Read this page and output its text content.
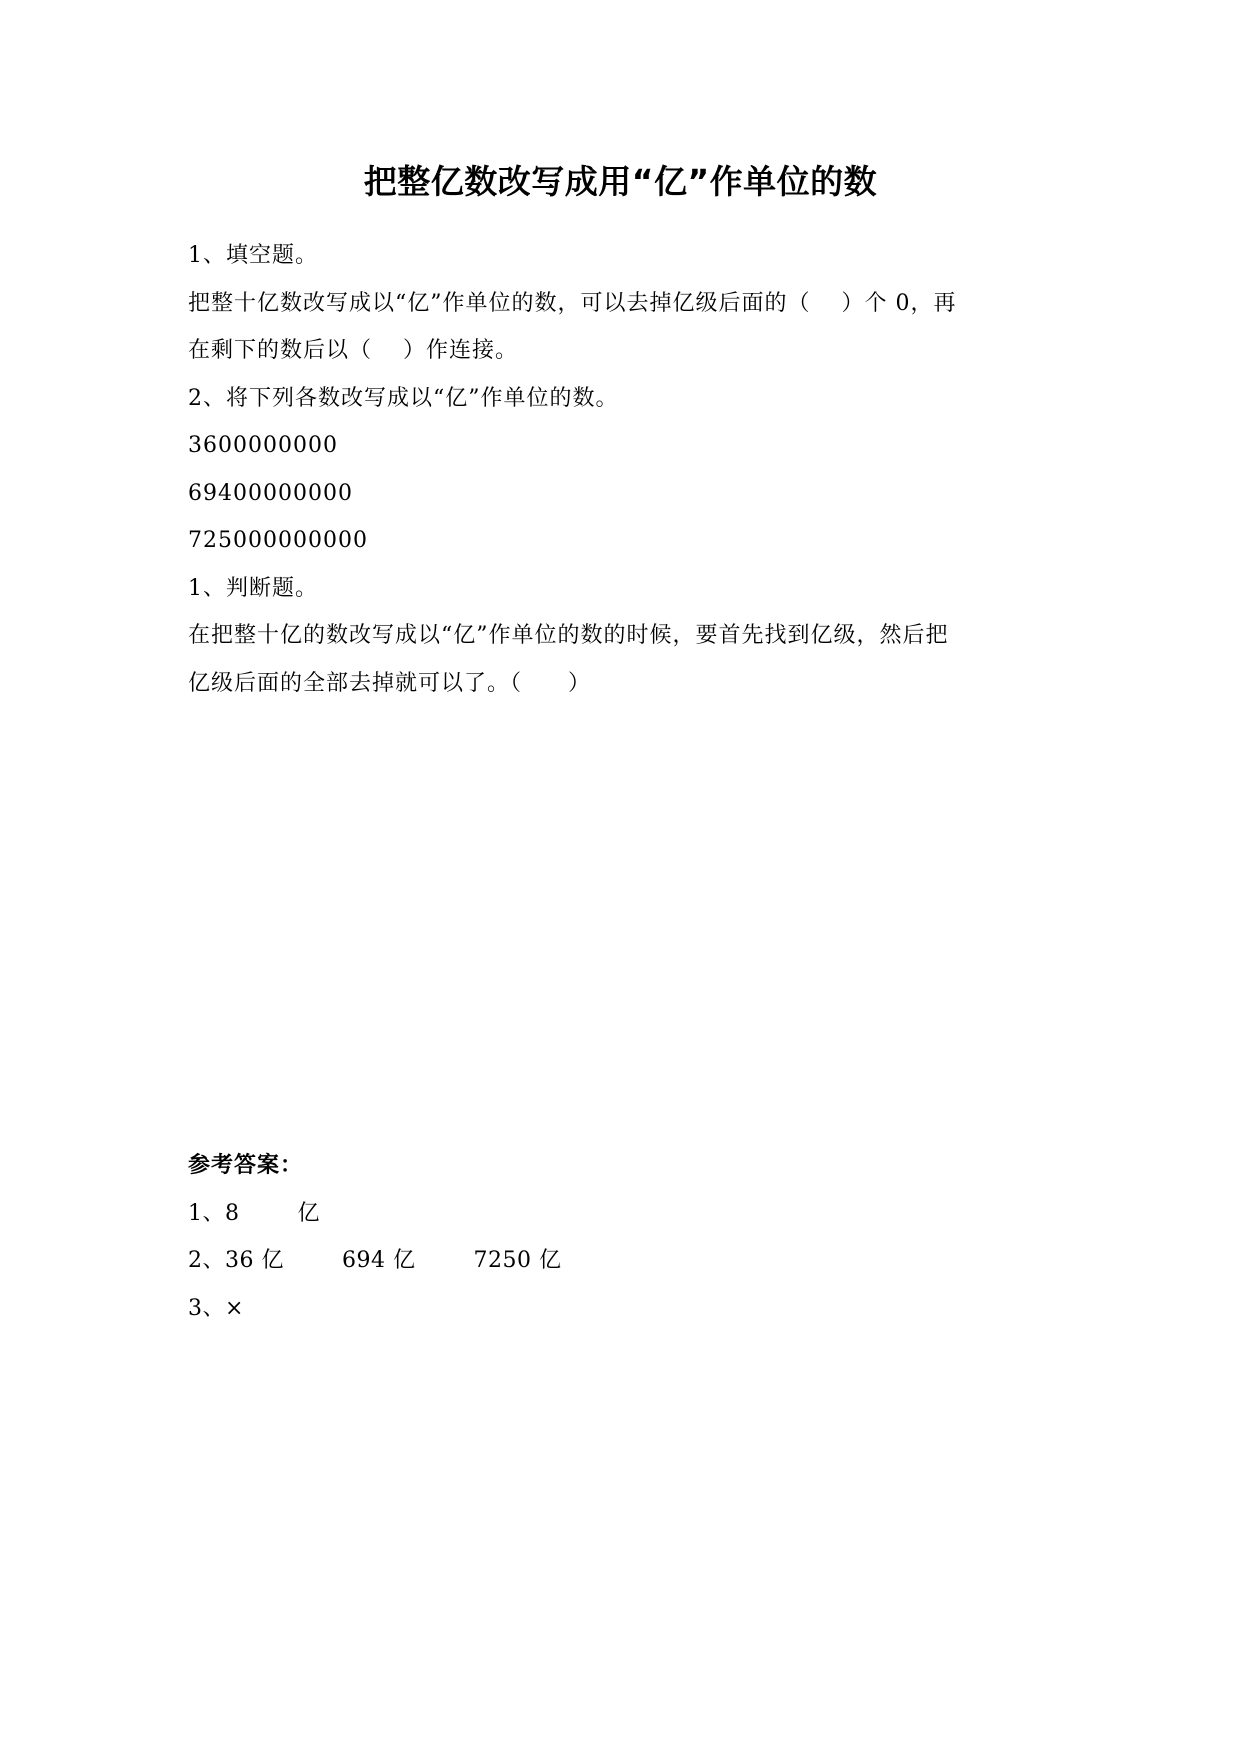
把整亿数改写成用“亿”作单位的数
1、填空题。
把整十亿数改写成以“亿”作单位的数，可以去掉亿级后面的（　 ）个 0，再
在剩下的数后以（　 ）作连接。
2、将下列各数改写成以“亿”作单位的数。
3600000000
69400000000
725000000000
1、判断题。
在把整十亿的数改写成以“亿”作单位的数的时候，要首先找到亿级，然后把
亿级后面的全部去掉就可以了。（　　）
参考答案：
1、8	亿
2、36 亿	694 亿	7250 亿
3、×
